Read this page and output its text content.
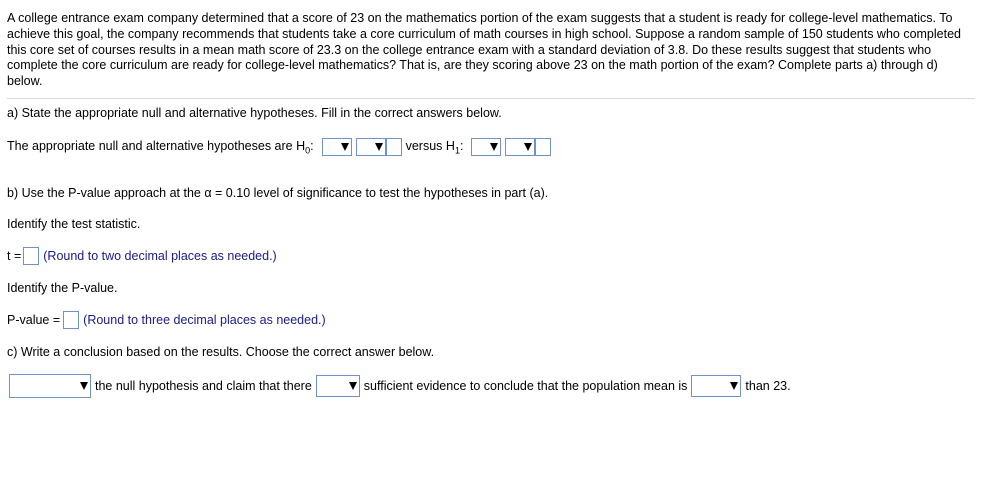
A college entrance exam company determined that a score of 23 on the mathematics portion of the exam suggests that a student is ready for college-level mathematics. To achieve this goal, the company recommends that students take a core curriculum of math courses in high school. Suppose a random sample of 150 students who completed this core set of courses results in a mean math score of 23.3 on the college entrance exam with a standard deviation of 3.8. Do these results suggest that students who complete the core curriculum are ready for college-level mathematics? That is, are they scoring above 23 on the math portion of the exam? Complete parts a) through d) below.
a) State the appropriate null and alternative hypotheses. Fill in the correct answers below.
The appropriate null and alternative hypotheses are $H_0$:	versus $H_1$:
b) Use the P-value approach at the α = 0.10 level of significance to test the hypotheses in part (a).
Identify the test statistic.
t = (Round to two decimal places as needed.)
Identify the P-value.
P-value = (Round to three decimal places as needed.)
c) Write a conclusion based on the results. Choose the correct answer below.
the null hypothesis and claim that there	sufficient evidence to conclude that the population mean is	than 23.
